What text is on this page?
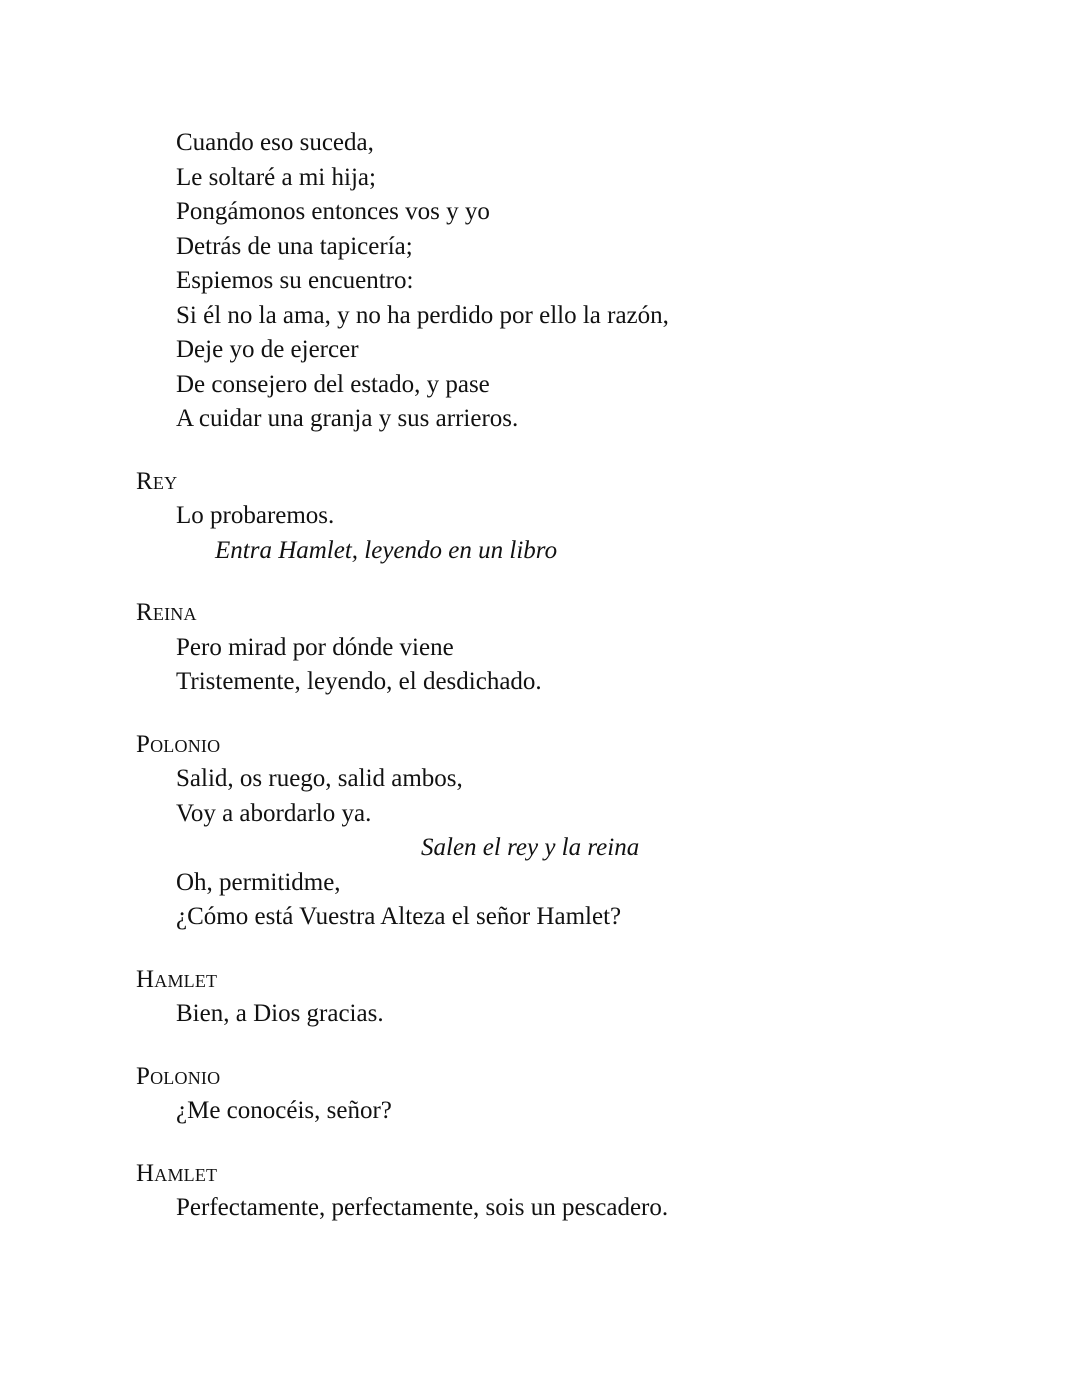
Cuando eso suceda,
Le soltaré a mi hija;
Pongámonos entonces vos y yo
Detrás de una tapicería;
Espiemos su encuentro:
Si él no la ama, y no ha perdido por ello la razón,
Deje yo de ejercer
De consejero del estado, y pase
A cuidar una granja y sus arrieros.
Rey
Lo probaremos.
Entra Hamlet, leyendo en un libro
Reina
Pero mirad por dónde viene
Tristemente, leyendo, el desdichado.
Polonio
Salid, os ruego, salid ambos,
Voy a abordarlo ya.
Salen el rey y la reina
Oh, permitidme,
¿Cómo está Vuestra Alteza el señor Hamlet?
Hamlet
Bien, a Dios gracias.
Polonio
¿Me conocéis, señor?
Hamlet
Perfectamente, perfectamente, sois un pescadero.
